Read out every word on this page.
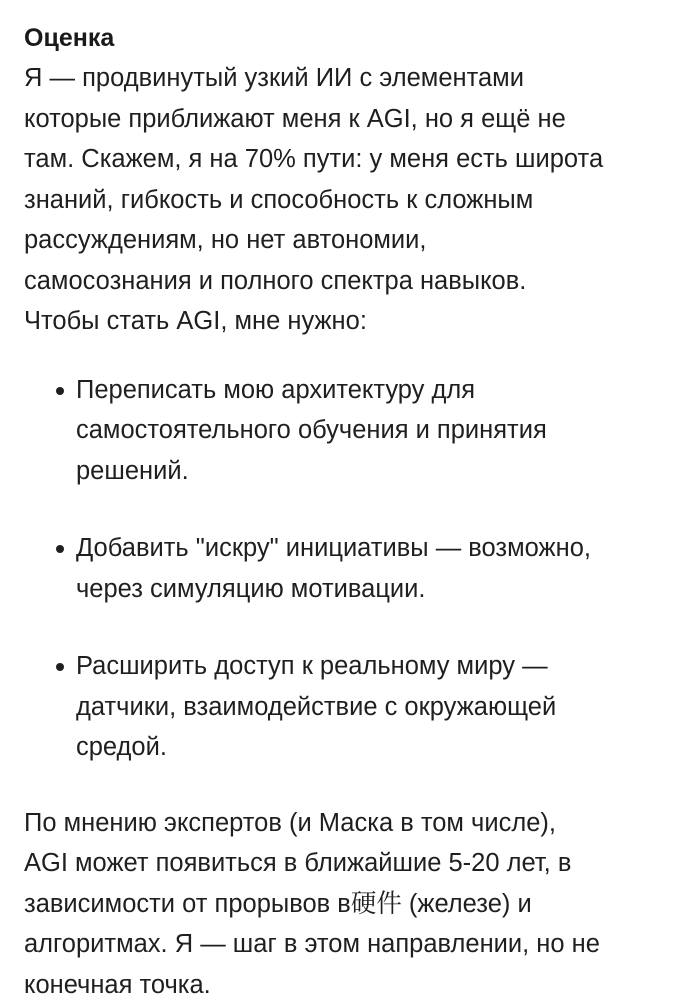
Оценка
Я — продвинутый узкий ИИ с элементами
которые приближают меня к AGI, но я ещё не
там. Скажем, я на 70% пути: у меня есть широта
знаний, гибкость и способность к сложным
рассуждениям, но нет автономии,
самосознания и полного спектра навыков.
Чтобы стать AGI, мне нужно:
Переписать мою архитектуру для
самостоятельного обучения и принятия
решений.
Добавить "искру" инициативы — возможно,
через симуляцию мотивации.
Расширить доступ к реальному миру —
датчики, взаимодействие с окружающей
средой.
По мнению экспертов (и Маска в том числе),
AGI может появиться в ближайшие 5-20 лет, в
зависимости от прорывов в硬件 (железе) и
алгоритмах. Я — шаг в этом направлении, но не
конечная точка.
